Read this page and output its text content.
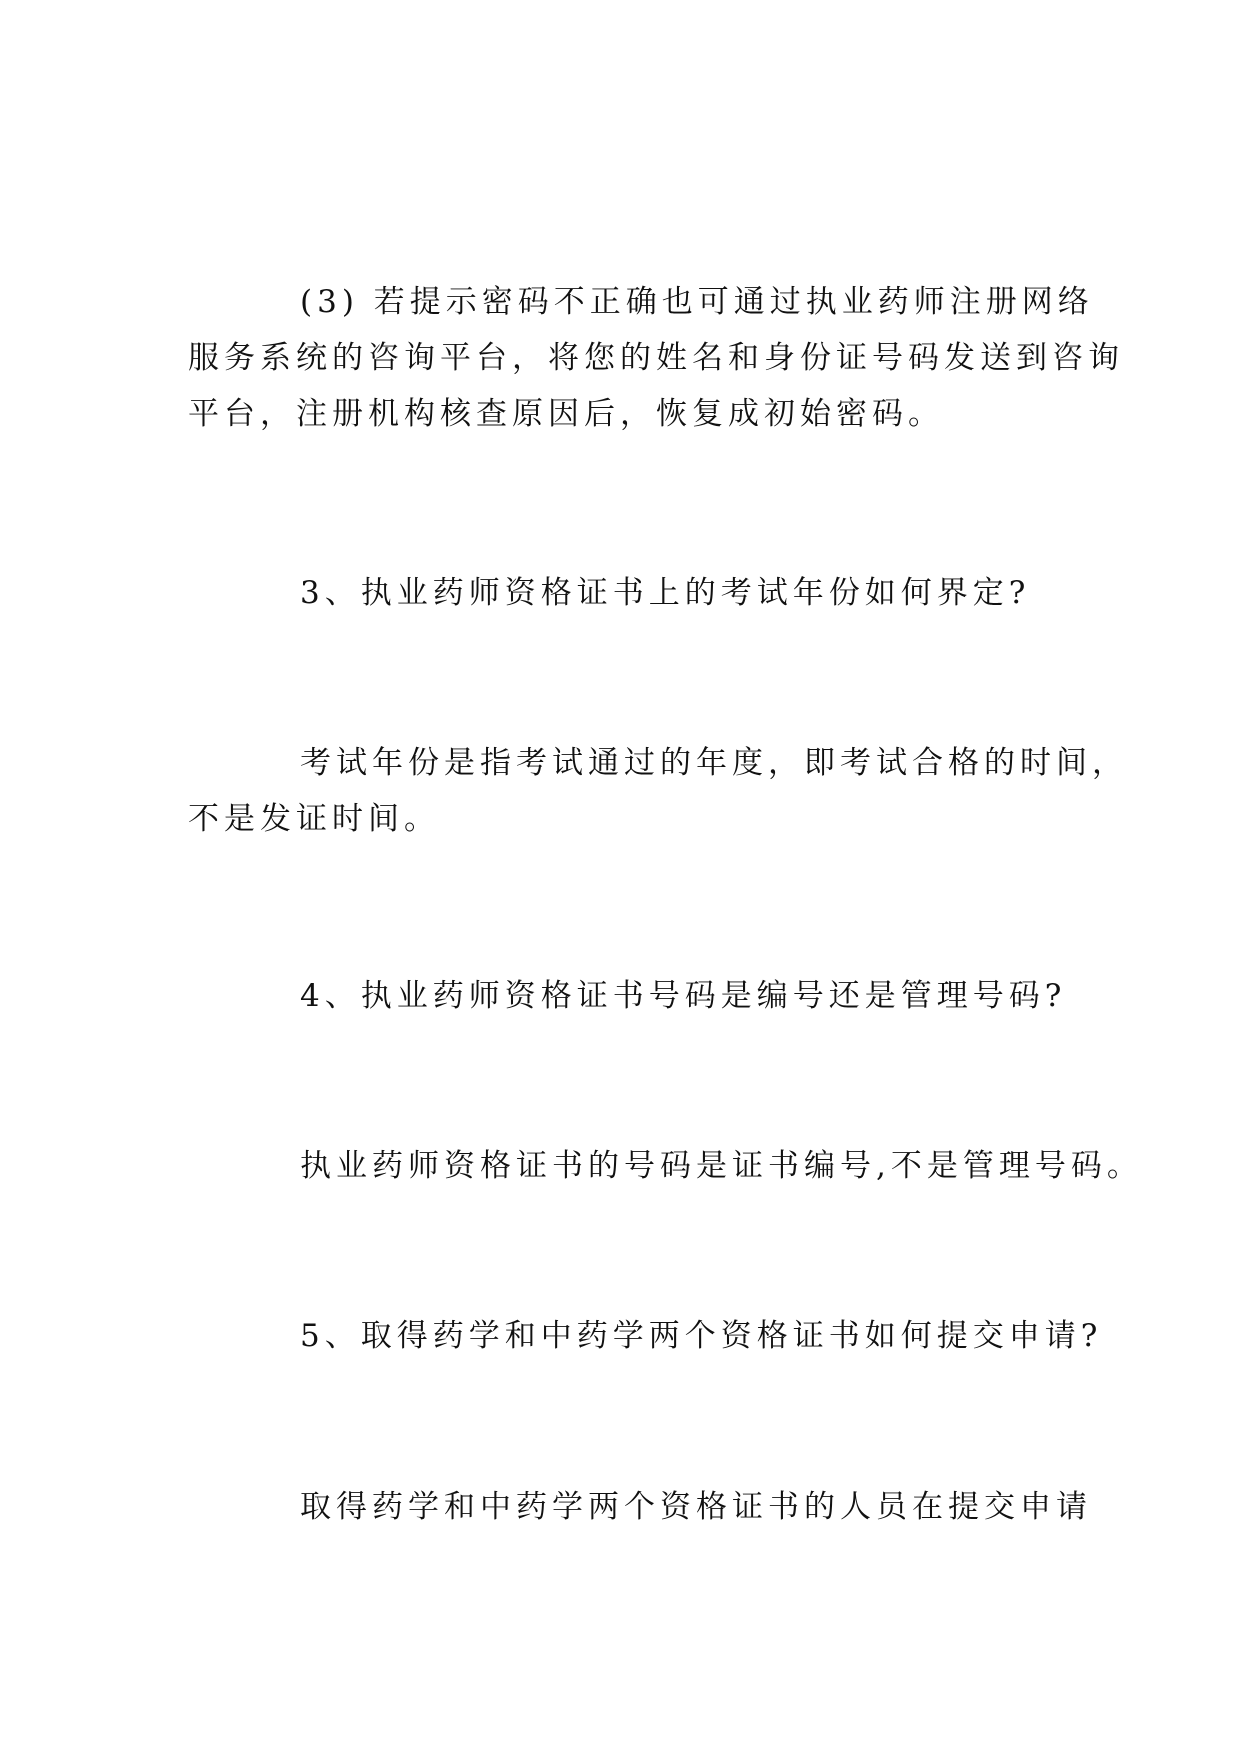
(3) 若提示密码不正确也可通过执业药师注册网络
服务系统的咨询平台，将您的姓名和身份证号码发送到咨询
平台，注册机构核查原因后，恢复成初始密码。

3、执业药师资格证书上的考试年份如何界定?

考试年份是指考试通过的年度，即考试合格的时间，
不是发证时间。

4、执业药师资格证书号码是编号还是管理号码?

执业药师资格证书的号码是证书编号,不是管理号码。

5、取得药学和中药学两个资格证书如何提交申请?

取得药学和中药学两个资格证书的人员在提交申请
